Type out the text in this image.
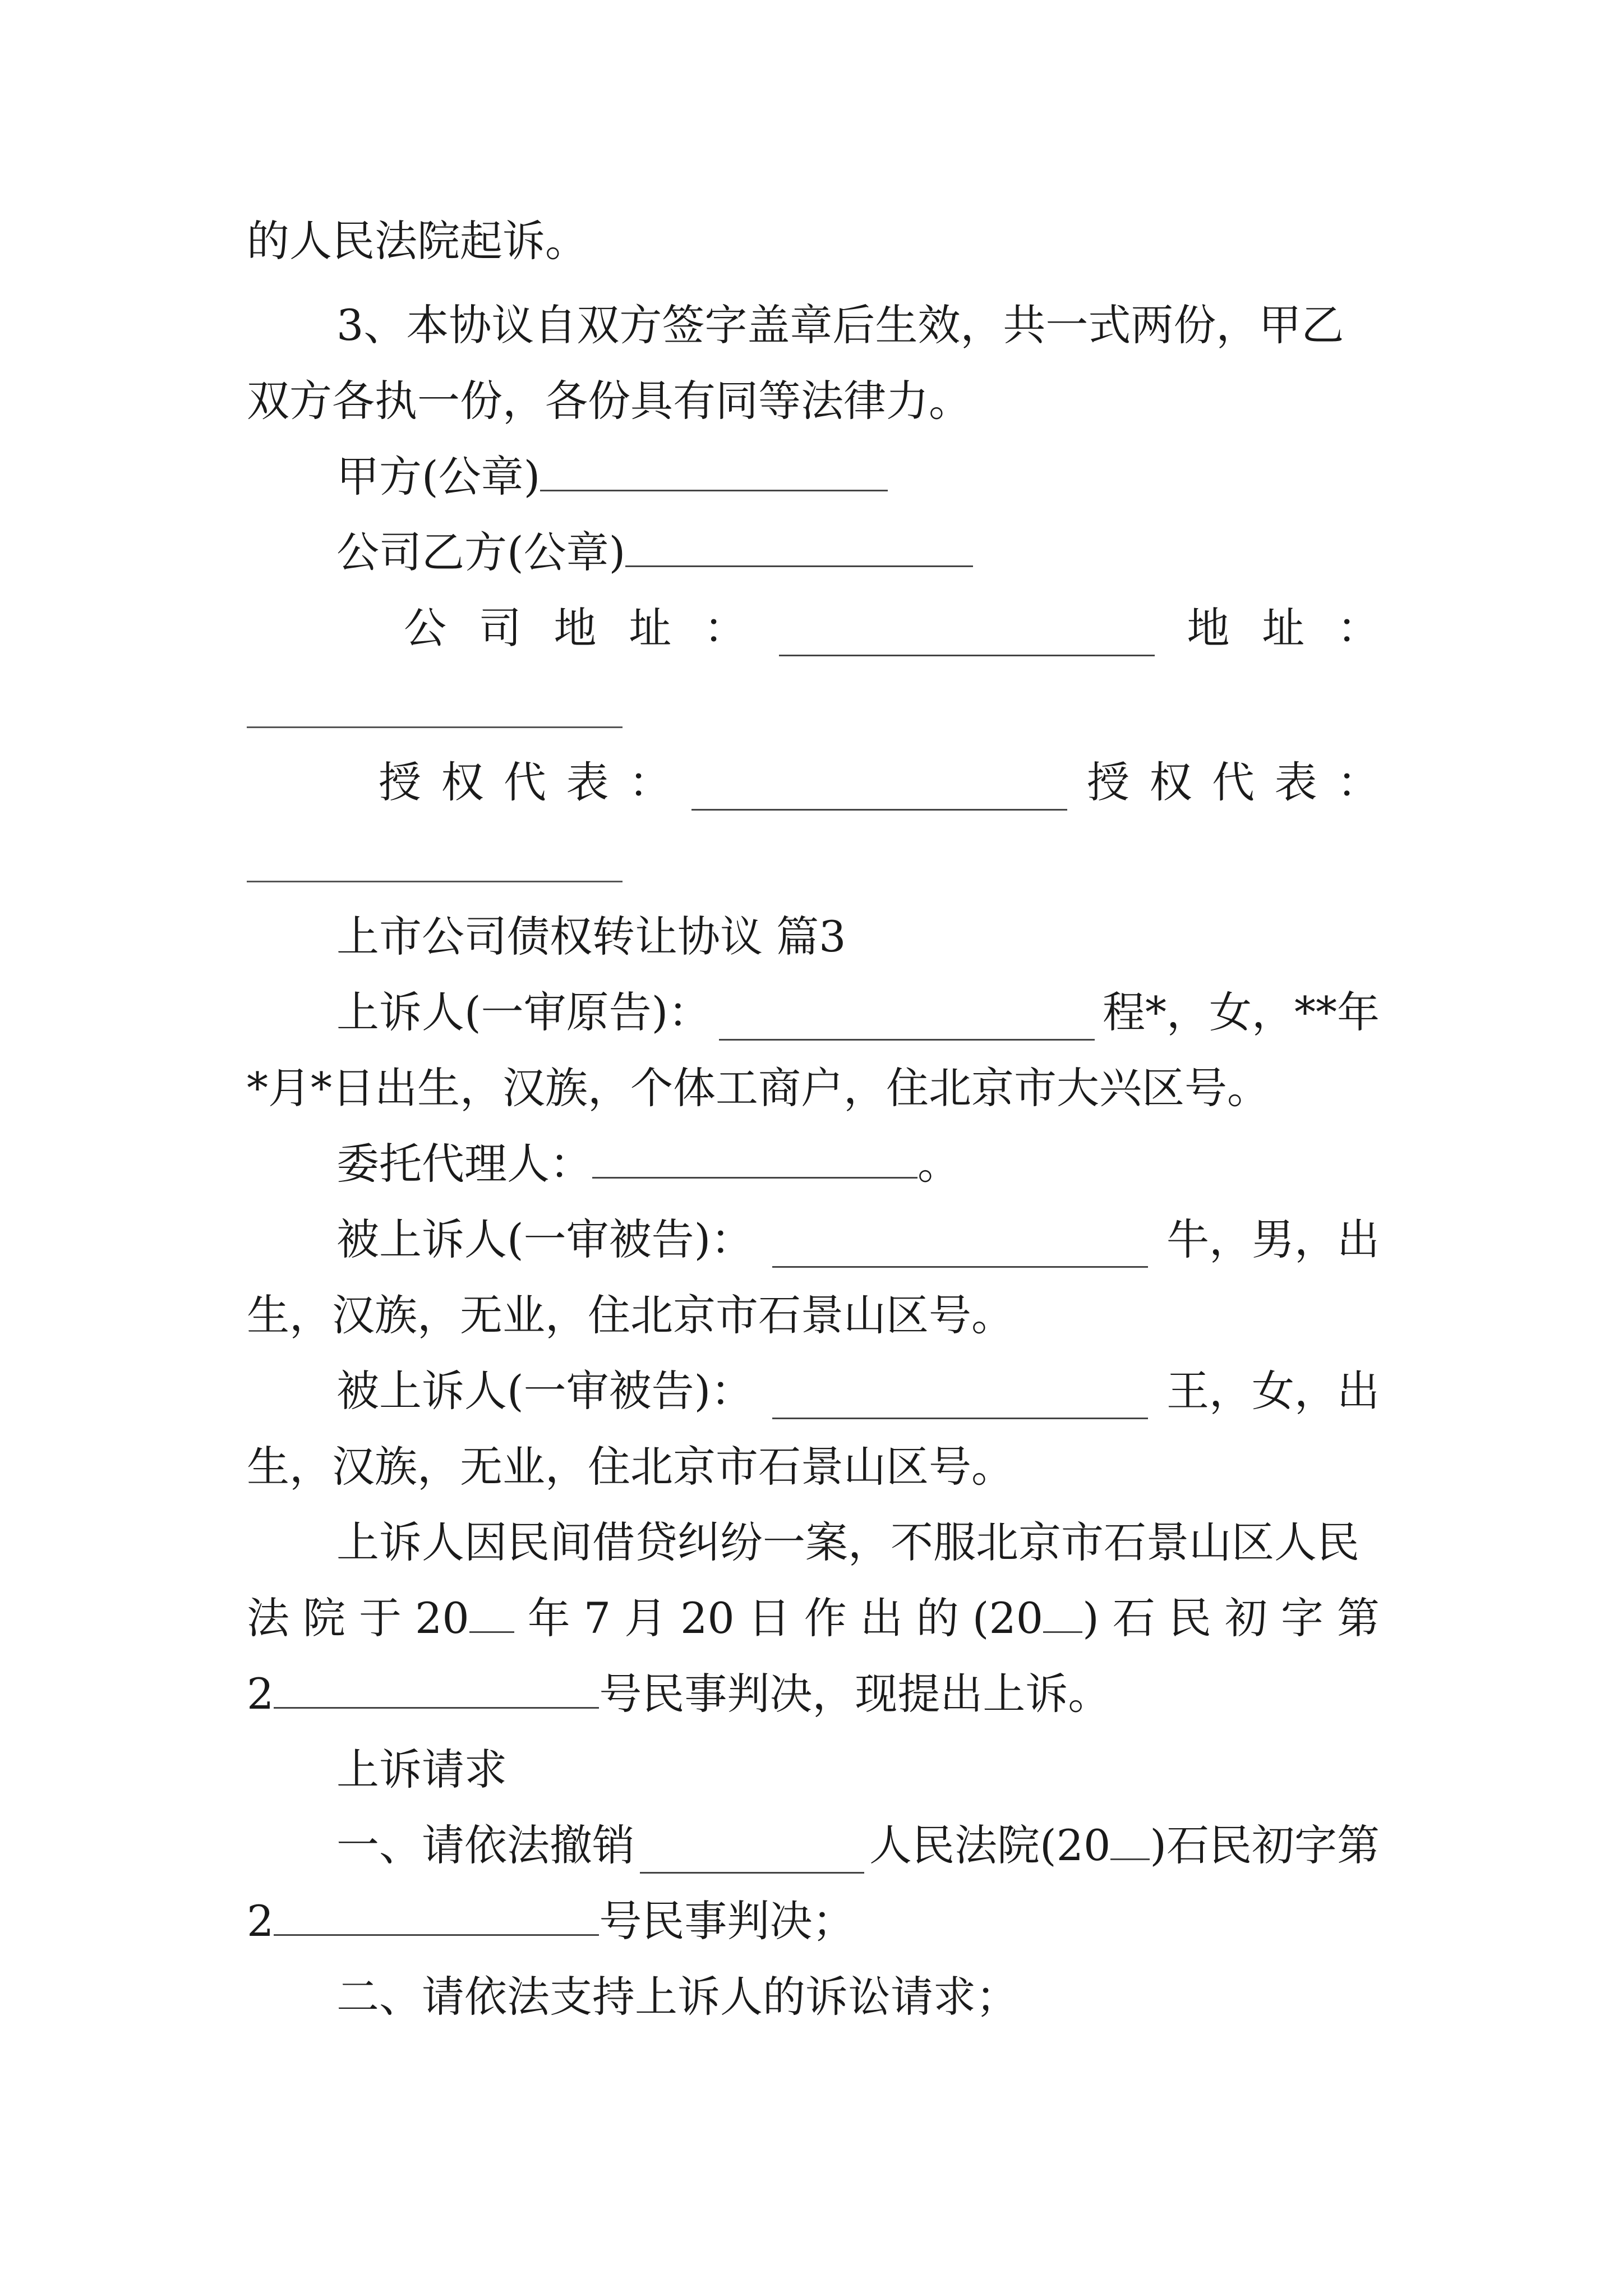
的人民法院起诉。
3、本协议自双方签字盖章后生效，共一式两份，甲乙
双方各执一份，各份具有同等法律力。
甲方(公章)
公司乙方(公章)
公 司 地 址 ：	地 址 ：
授 权 代 表 ：	授 权 代 表 ：
上市公司债权转让协议 篇3
上诉人(一审原告)：	程*，女，**年
*月*日出生，汉族，个体工商户，住北京市大兴区号。
委托代理人：	。
被上诉人(一审被告)：	牛，男，出
生，汉族，无业，住北京市石景山区号。
被上诉人(一审被告)：	王，女，出
生，汉族，无业，住北京市石景山区号。
上诉人因民间借贷纠纷一案，不服北京市石景山区人民
法 院 于 20	年 7 月 20 日 作 出 的 (20 ) 石 民 初 字 第
2	号民事判决，现提出上诉。
上诉请求
一、请依法撤销	人民法院(20 )石民初字第
2	号民事判决；
二、请依法支持上诉人的诉讼请求；
